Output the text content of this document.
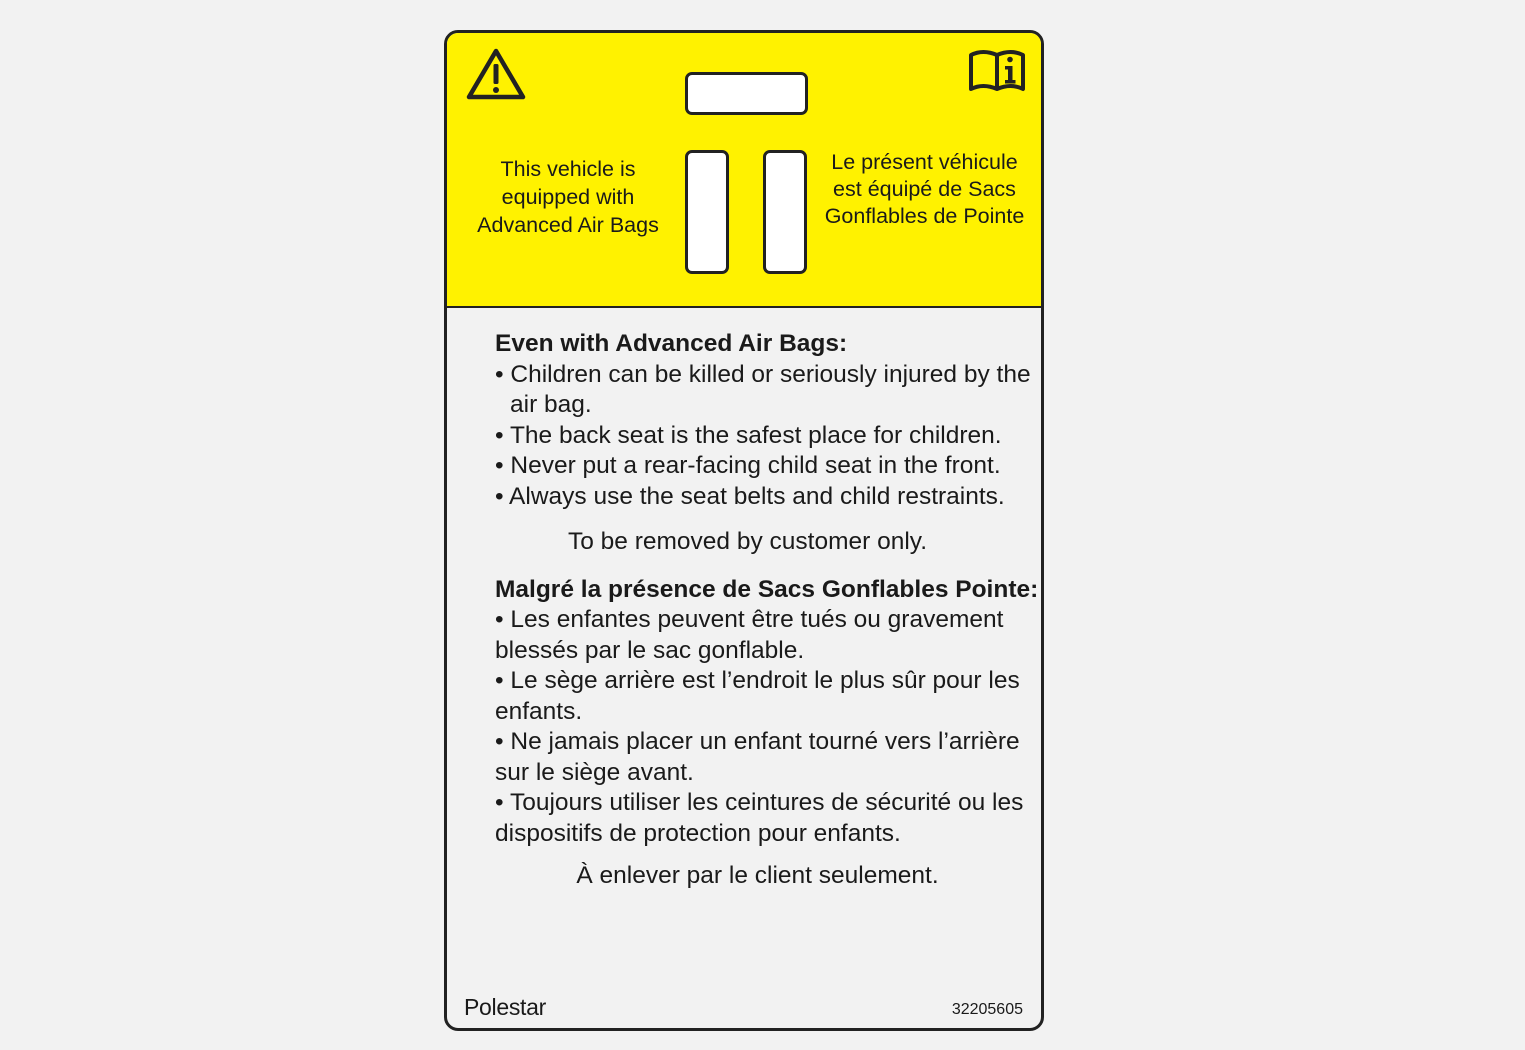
This vehicle is equipped with Advanced Air Bags
Le présent véhicule est équipé de Sacs Gonflables de Pointe
Even with Advanced Air Bags:
• Children can be killed or seriously injured by the air bag.
• The back seat is the safest place for children.
• Never put a rear-facing child seat in the front.
• Always use the seat belts and child restraints.
To be removed by customer only.
Malgré la présence de Sacs Gonflables Pointe:
• Les enfantes peuvent être tués ou gravement blessés par le sac gonflable.
• Le sège arrière est l’endroit le plus sûr pour les enfants.
• Ne jamais placer un enfant tourné vers l’arrière sur le siège avant.
• Toujours utiliser les ceintures de sécurité ou les dispositifs de protection pour enfants.
À enlever par le client seulement.
Polestar	32205605
